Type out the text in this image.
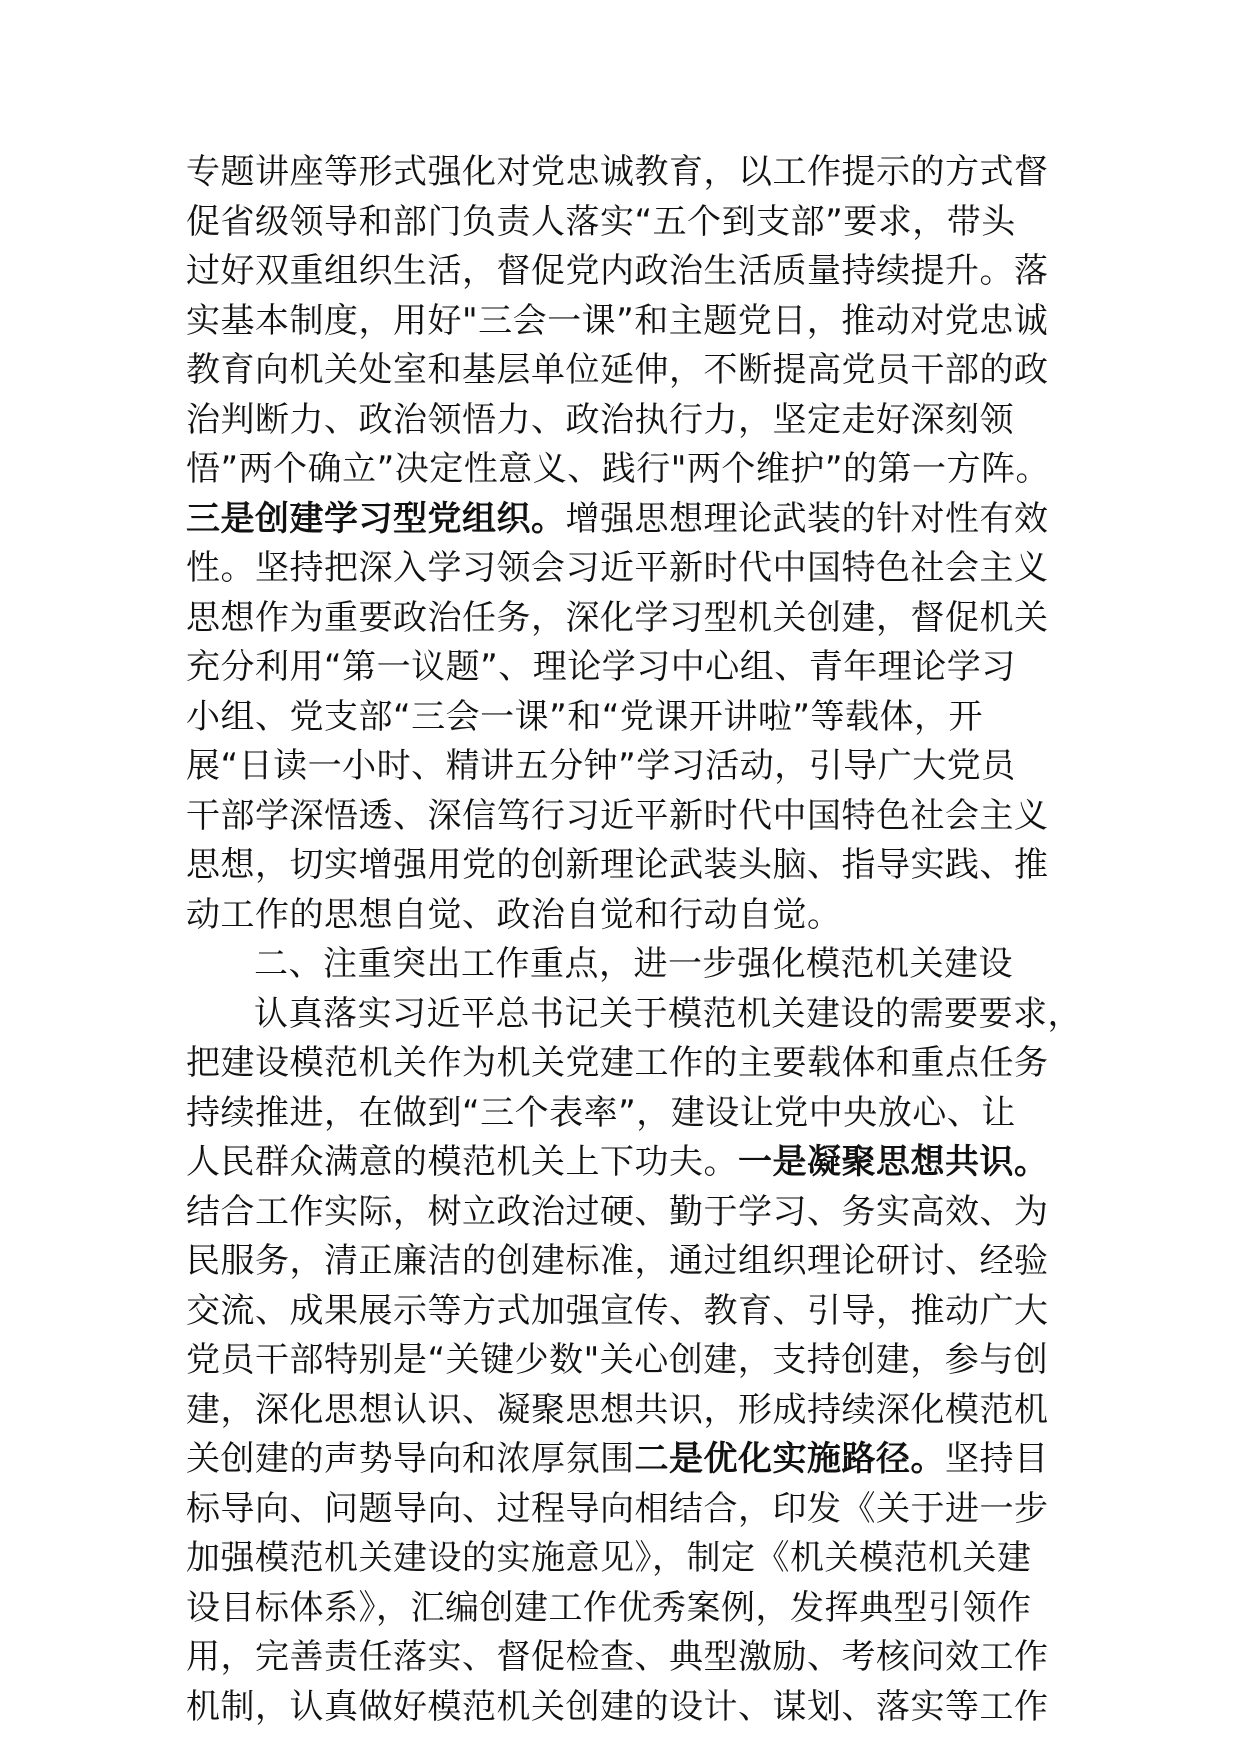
专题讲座等形式强化对党忠诚教育，以工作提示的方式督
促省级领导和部门负责人落实“五个到支部”要求，带头
过好双重组织生活，督促党内政治生活质量持续提升。落
实基本制度，用好"三会一课”和主题党日，推动对党忠诚
教育向机关处室和基层单位延伸，不断提高党员干部的政
治判断力、政治领悟力、政治执行力，坚定走好深刻领
悟”两个确立”决定性意义、践行"两个维护”的第一方阵。
三是创建学习型党组织。增强思想理论武装的针对性有效
性。坚持把深入学习领会习近平新时代中国特色社会主义
思想作为重要政治任务，深化学习型机关创建，督促机关
充分利用“第一议题”、理论学习中心组、青年理论学习
小组、党支部“三会一课”和“党课开讲啦”等载体，开
展“日读一小时、精讲五分钟”学习活动，引导广大党员
干部学深悟透、深信笃行习近平新时代中国特色社会主义
思想，切实增强用党的创新理论武装头脑、指导实践、推
动工作的思想自觉、政治自觉和行动自觉。
二、注重突出工作重点，进一步强化模范机关建设
认真落实习近平总书记关于模范机关建设的需要要求，
把建设模范机关作为机关党建工作的主要载体和重点任务
持续推进，在做到“三个表率”，建设让党中央放心、让
人民群众满意的模范机关上下功夫。一是凝聚思想共识。
结合工作实际，树立政治过硬、勤于学习、务实高效、为
民服务，清正廉洁的创建标准，通过组织理论研讨、经验
交流、成果展示等方式加强宣传、教育、引导，推动广大
党员干部特别是“关键少数"关心创建，支持创建，参与创
建，深化思想认识、凝聚思想共识，形成持续深化模范机
关创建的声势导向和浓厚氛围二是优化实施路径。坚持目
标导向、问题导向、过程导向相结合，印发《关于进一步
加强模范机关建设的实施意见》，制定《机关模范机关建
设目标体系》，汇编创建工作优秀案例，发挥典型引领作
用，完善责任落实、督促检查、典型激励、考核问效工作
机制，认真做好模范机关创建的设计、谋划、落实等工作
